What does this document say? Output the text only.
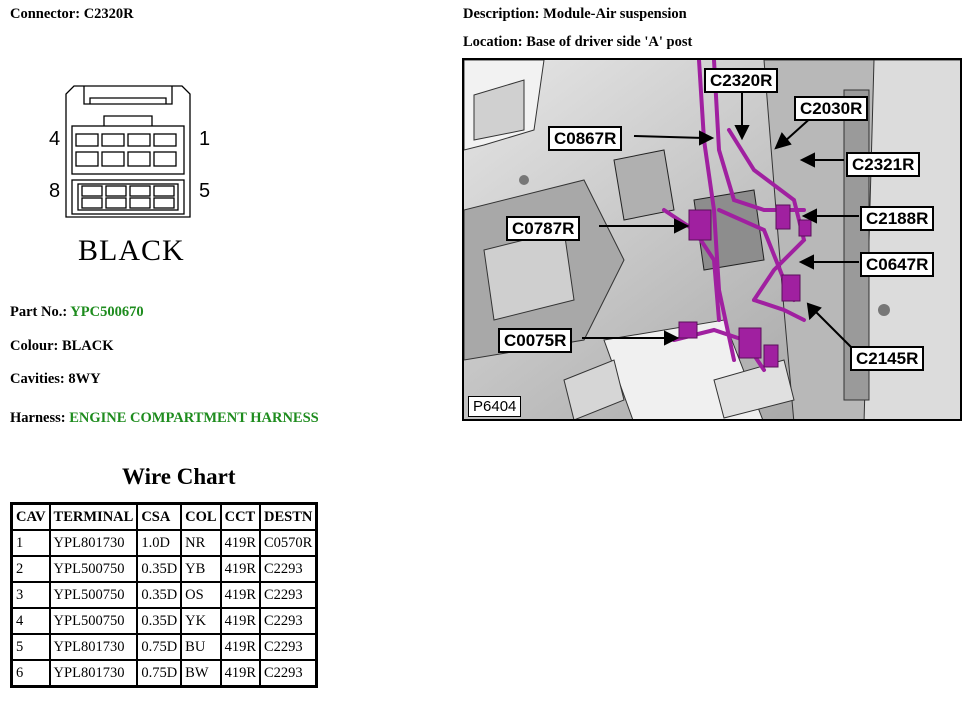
Connector: C2320R
4	1
8	5
BLACK
Part No.: YPC500670
Colour: BLACK
Cavities: 8WY
Harness: ENGINE COMPARTMENT HARNESS
Wire Chart
CAV	TERMINAL	CSA	COL	CCT	DESTN
1	YPL801730	1.0D	NR	419R	C0570R
2	YPL500750	0.35D	YB	419R	C2293
3	YPL500750	0.35D	OS	419R	C2293
4	YPL500750	0.35D	YK	419R	C2293
5	YPL801730	0.75D	BU	419R	C2293
6	YPL801730	0.75D	BW	419R	C2293
Description: Module-Air suspension
Location: Base of driver side 'A' post
C2320R
C2030R
C0867R
C2321R
C0787R
C2188R
C0647R
C0075R
C2145R
P6404
